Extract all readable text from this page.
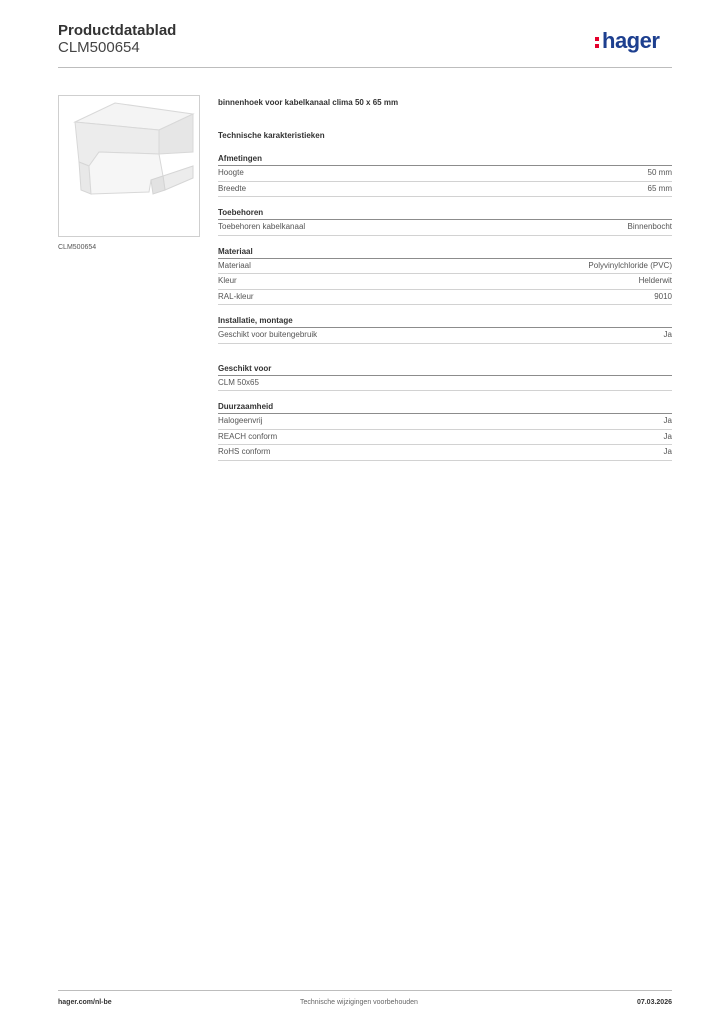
Productdatablad
CLM500654	hager
CLM500654
binnenhoek voor kabelkanaal clima 50 x 65 mm
Technische karakteristieken
Afmetingen
Hoogte	50 mm
Breedte	65 mm
Toebehoren
Toebehoren kabelkanaal	Binnenbocht
Materiaal
Materiaal	Polyvinylchloride (PVC)
Kleur	Helderwit
RAL-kleur	9010
Installatie, montage
Geschikt voor buitengebruik	Ja
Geschikt voor
CLM 50x65
Duurzaamheid
Halogeenvrij	Ja
REACH conform	Ja
RoHS conform	Ja
hager.com/nl-be	Technische wijzigingen voorbehouden	07.03.2026
